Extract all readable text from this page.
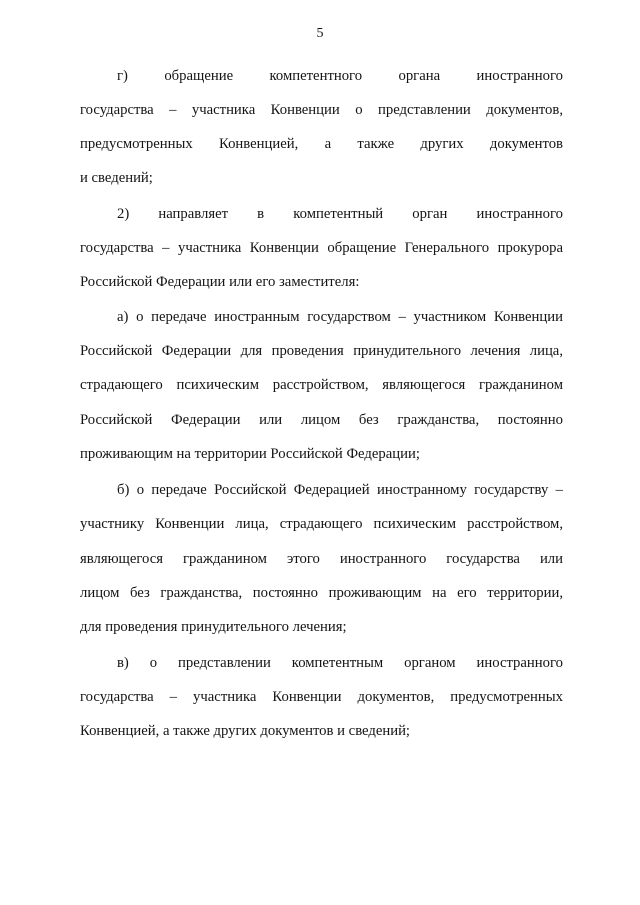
5
г) обращение компетентного органа иностранного
государства – участника Конвенции о представлении документов,
предусмотренных Конвенцией, а также других документов
и сведений;
2) направляет в компетентный орган иностранного
государства – участника Конвенции обращение Генерального прокурора
Российской Федерации или его заместителя:
а) о передаче иностранным государством – участником Конвенции
Российской Федерации для проведения принудительного лечения лица,
страдающего психическим расстройством, являющегося гражданином
Российской Федерации или лицом без гражданства, постоянно
проживающим на территории Российской Федерации;
б) о передаче Российской Федерацией иностранному государству –
участнику Конвенции лица, страдающего психическим расстройством,
являющегося гражданином этого иностранного государства или
лицом без гражданства, постоянно проживающим на его территории,
для проведения принудительного лечения;
в) о представлении компетентным органом иностранного
государства – участника Конвенции документов, предусмотренных
Конвенцией, а также других документов и сведений;
